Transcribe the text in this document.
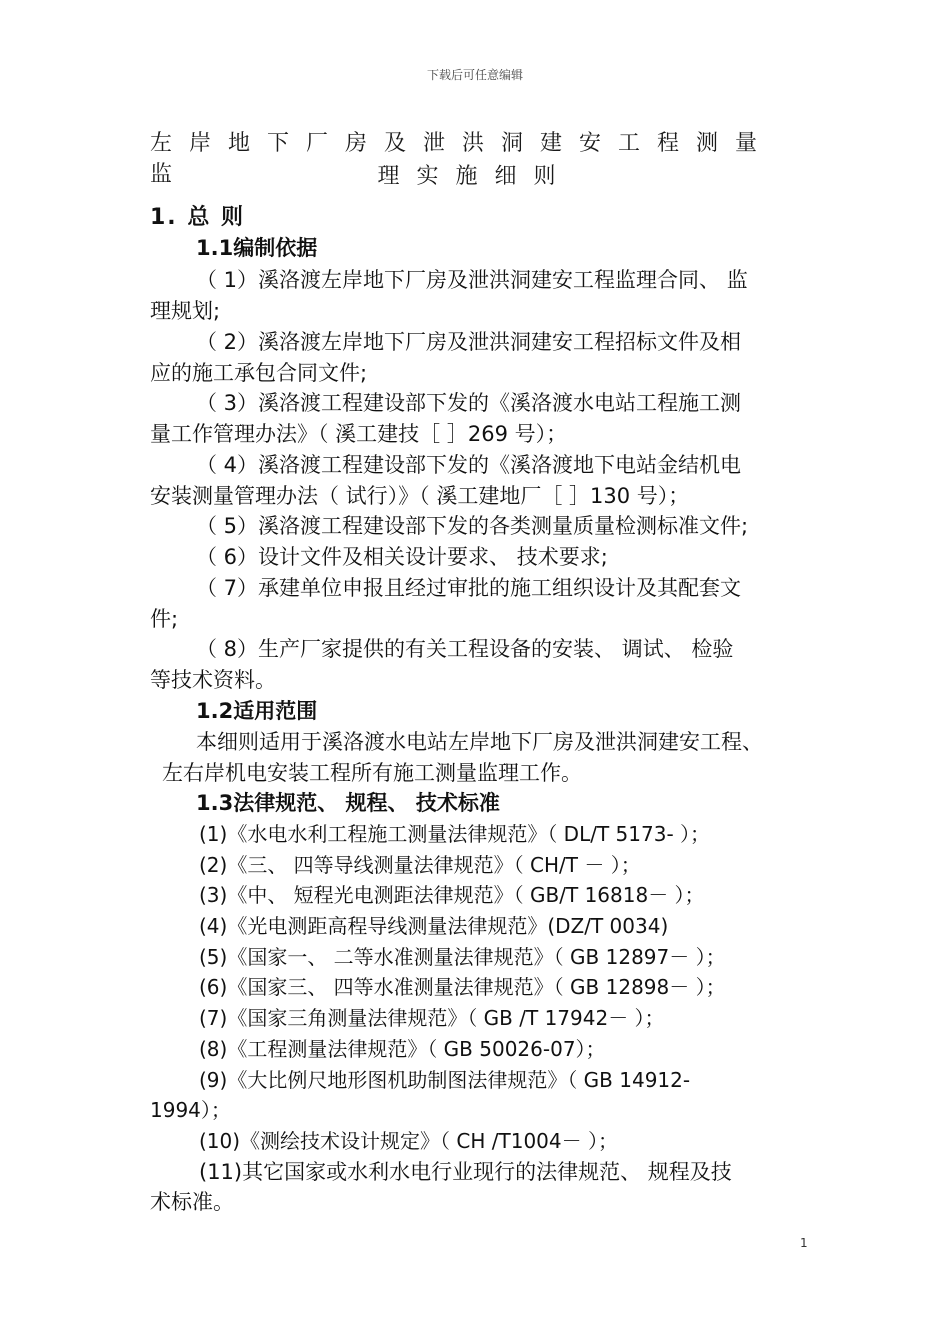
下载后可任意编辑
左岸地下厂房及泄洪洞建安工程测量监	理实施细则
1. 总 则
1.1编制依据
（ 1）溪洛渡左岸地下厂房及泄洪洞建安工程监理合同、 监
理规划;
（ 2）溪洛渡左岸地下厂房及泄洪洞建安工程招标文件及相
应的施工承包合同文件;
（ 3）溪洛渡工程建设部下发的《溪洛渡水电站工程施工测
量工作管理办法》（ 溪工建技［ ］269 号）；
（ 4）溪洛渡工程建设部下发的《溪洛渡地下电站金结机电
安装测量管理办法（ 试行）》（ 溪工建地厂［ ］130 号）；
（ 5）溪洛渡工程建设部下发的各类测量质量检测标准文件;
（ 6）设计文件及相关设计要求、 技术要求;
（ 7）承建单位申报且经过审批的施工组织设计及其配套文
件;
（ 8）生产厂家提供的有关工程设备的安装、 调试、 检验
等技术资料。
1.2适用范围
本细则适用于溪洛渡水电站左岸地下厂房及泄洪洞建安工程、
左右岸机电安装工程所有施工测量监理工作。
1.3法律规范、 规程、 技术标准
(1)《水电水利工程施工测量法律规范》（ DL/T 5173- ）；
(2)《三、 四等导线测量法律规范》（ CH/T － ）；
(3)《中、 短程光电测距法律规范》（ GB/T 16818－ ）；
(4)《光电测距高程导线测量法律规范》(DZ/T 0034)
(5)《国家一、 二等水准测量法律规范》（ GB 12897－ ）；
(6)《国家三、 四等水准测量法律规范》（ GB 12898－ ）；
(7)《国家三角测量法律规范》（ GB /T 17942－ ）；
(8)《工程测量法律规范》（ GB 50026-07）；
(9)《大比例尺地形图机助制图法律规范》（ GB 14912-
1994）；
(10)《测绘技术设计规定》（ CH /T1004－ ）；
(11)其它国家或水利水电行业现行的法律规范、 规程及技
术标准。
1
